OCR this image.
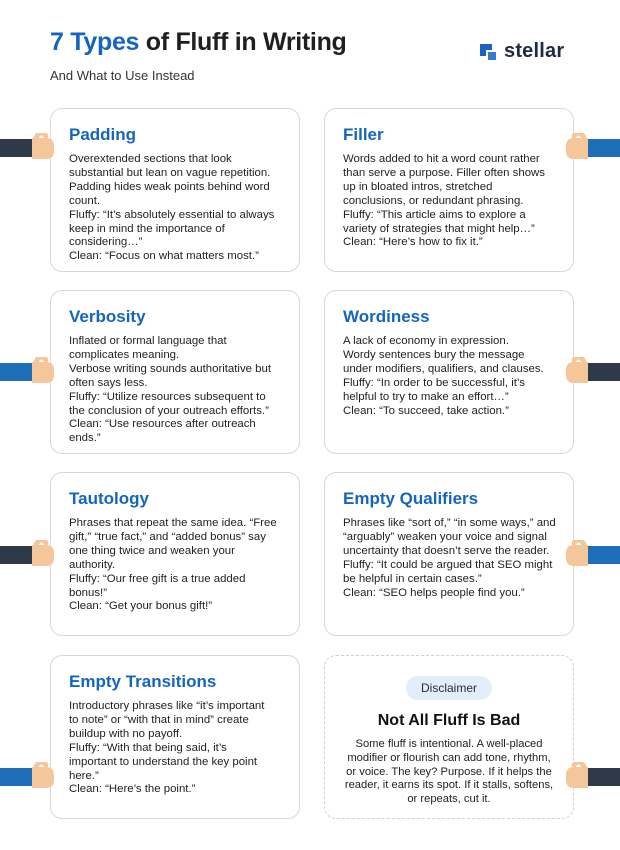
7 Types of Fluff in Writing
And What to Use Instead
stellar
Padding

Overextended sections that look
substantial but lean on vague repetition.
Padding hides weak points behind word
count.
Fluffy: “It’s absolutely essential to always
keep in mind the importance of
considering…”
Clean: “Focus on what matters most.”

Filler

Words added to hit a word count rather
than serve a purpose. Filler often shows
up in bloated intros, stretched
conclusions, or redundant phrasing.
Fluffy: “This article aims to explore a
variety of strategies that might help…”
Clean: “Here’s how to fix it.”

Verbosity

Inflated or formal language that
complicates meaning.
Verbose writing sounds authoritative but
often says less.
Fluffy: “Utilize resources subsequent to
the conclusion of your outreach efforts.”
Clean: “Use resources after outreach
ends.”

Wordiness

A lack of economy in expression.
Wordy sentences bury the message
under modifiers, qualifiers, and clauses.
Fluffy: “In order to be successful, it’s
helpful to try to make an effort…”
Clean: “To succeed, take action.”

Tautology

Phrases that repeat the same idea. “Free
gift,” “true fact,” and “added bonus” say
one thing twice and weaken your
authority.
Fluffy: “Our free gift is a true added
bonus!”
Clean: “Get your bonus gift!”

Empty Qualifiers

Phrases like “sort of,” “in some ways,” and
“arguably” weaken your voice and signal
uncertainty that doesn’t serve the reader.
Fluffy: “It could be argued that SEO might
be helpful in certain cases.”
Clean: “SEO helps people find you.”

Empty Transitions

Introductory phrases like “it’s important
to note” or “with that in mind” create
buildup with no payoff.
Fluffy: “With that being said, it’s
important to understand the key point
here.”
Clean: “Here’s the point.”

Disclaimer
Not All Fluff Is Bad

Some fluff is intentional. A well-placed
modifier or flourish can add tone, rhythm,
or voice. The key? Purpose. If it helps the
reader, it earns its spot. If it stalls, softens,
or repeats, cut it.
